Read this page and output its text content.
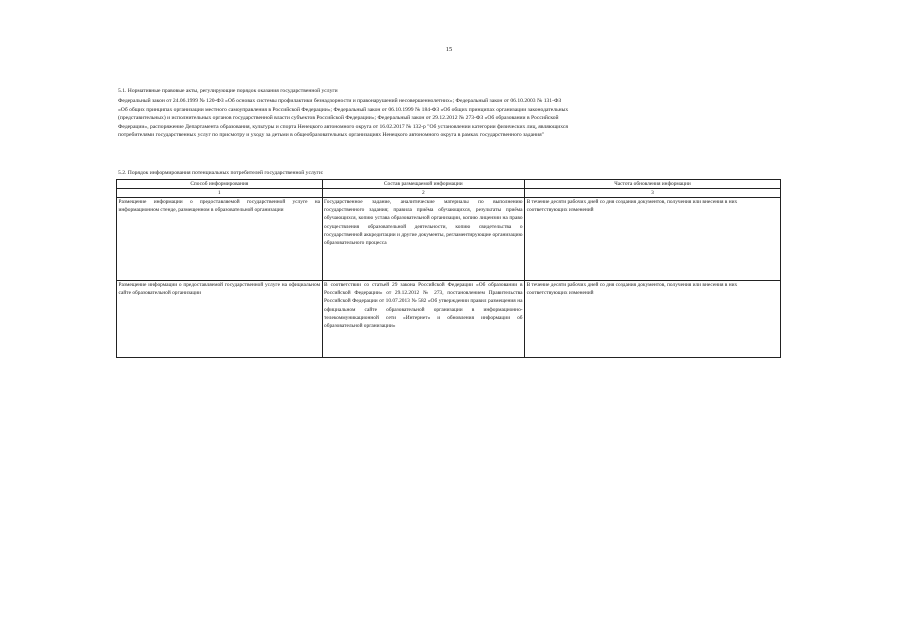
15
5.1. Нормативные правовые акты, регулирующие порядок оказания государственной услуги
Федеральный закон от 24.06.1999 № 120-ФЗ «Об основах системы профилактики безнадзорности и правонарушений несовершеннолетних»; Федеральный закон от 06.10.2003 № 131-ФЗ
«Об общих принципах организации местного самоуправления в Российской Федерации»; Федеральный закон от 06.10.1999 № 184-ФЗ «Об общих принципах организации законодательных
(представительных) и исполнительных органов государственной власти субъектов Российской Федерации»; Федеральный закон от 29.12.2012 № 273-ФЗ «Об образовании в Российской
Федерации», распоряжение Департамента образования, культуры и спорта Ненецкого автономного округа от 16.02.2017 № 132-р "Об установлении категории физических лиц, являющихся
потребителями государственных услуг по присмотру и уходу за детьми в общеобразовательных организациях Ненецкого автономного округа в рамках государственного задания"
5.2. Порядок информирования потенциальных потребителей государственной услуги:
Способ информирования	Состав размещаемой информации	Частота обновления информации
1	2	3
Размещение информации о предоставляемой государственной услуге на информационном стенде, размещенном в образовательной организации	Государственное задание, аналитические материалы по выполнению государственного задания; правила приёма обучающихся, результаты приёма обучающихся, копию устава образовательной организации, копию лицензии на право осуществления образовательной деятельности, копию свидетельства о государственной аккредитации и другие документы, регламентирующие организацию образовательного процесса	В течение десяти рабочих дней со дня создания документов, получения или внесения в них соответствующих изменений
Размещение информации о предоставляемой государственной услуге на официальном сайте образовательной организации	В соответствии со статьей 29 закона Российской Федерации «Об образовании в Российской Федерации» от 29.12.2012 № 273, постановлением Правительства Российской Федерации от 10.07.2013 № 582 «Об утверждении правил размещения на официальном сайте образовательной организации в информационно-телекоммуникационной сети «Интернет» и обновления информации об образовательной организации»	В течение десяти рабочих дней со дня создания документов, получения или внесения в них соответствующих изменений
